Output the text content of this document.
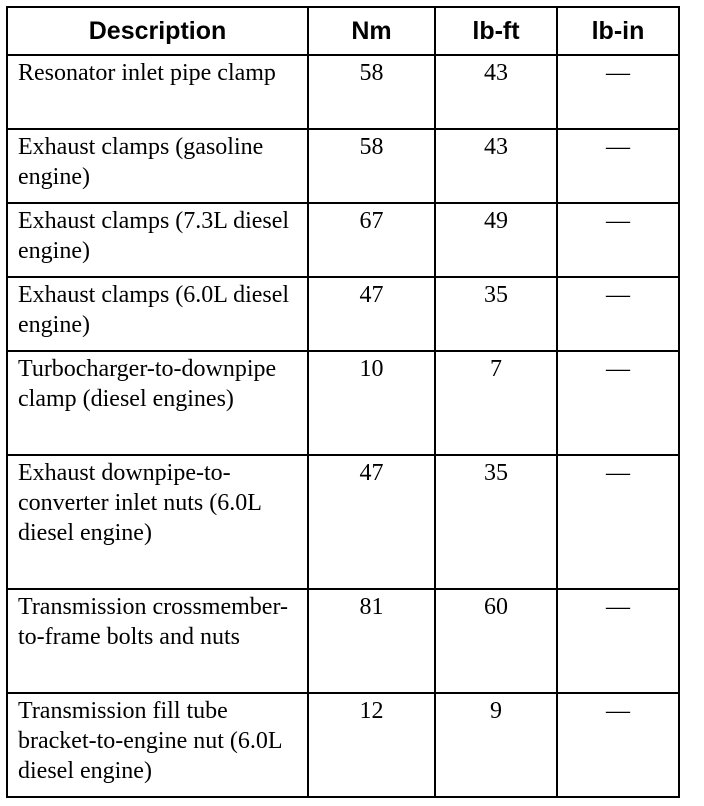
Description	Nm	lb-ft	lb-in
Resonator inlet pipe clamp	58	43	—
Exhaust clamps (gasoline engine)	58	43	—
Exhaust clamps (7.3L diesel engine)	67	49	—
Exhaust clamps (6.0L diesel engine)	47	35	—
Turbocharger-to-downpipe clamp (diesel engines)	10	7	—
Exhaust downpipe-to-converter inlet nuts (6.0L diesel engine)	47	35	—
Transmission crossmember-to-frame bolts and nuts	81	60	—
Transmission fill tube bracket-to-engine nut (6.0L diesel engine)	12	9	—
